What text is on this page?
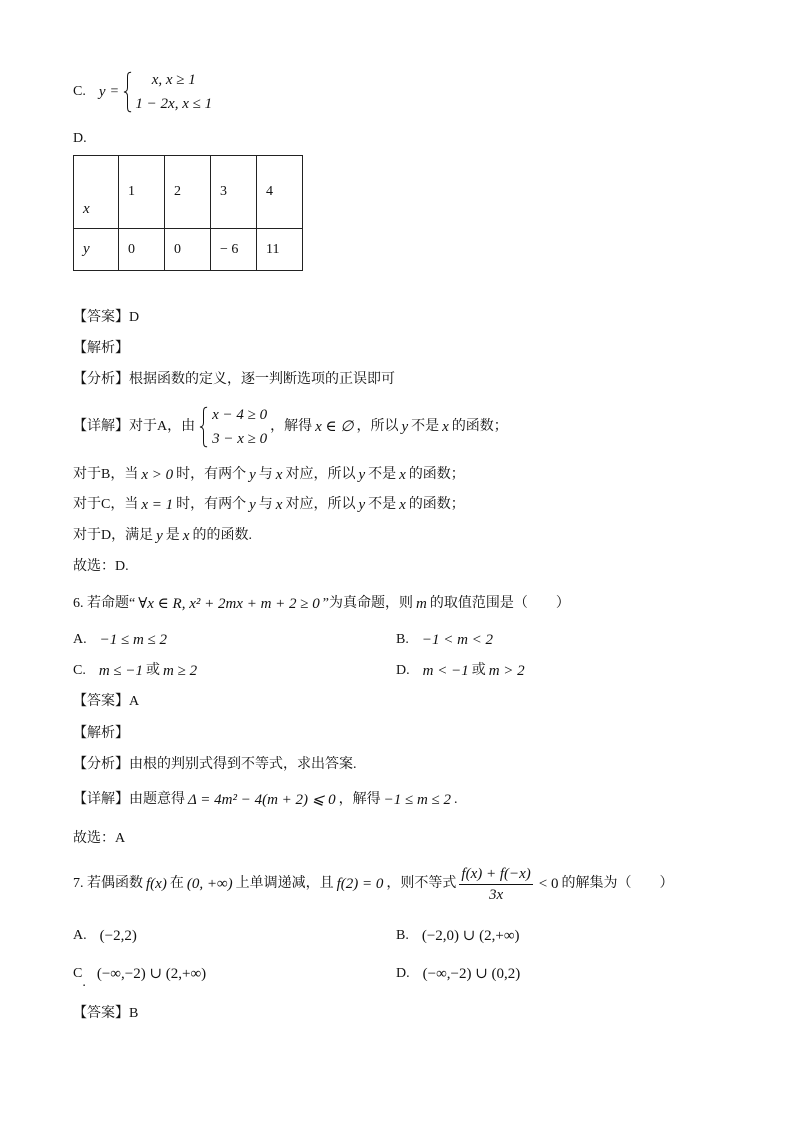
C. y =
x, x ≥ 1
1 − 2x, x ≤ 1
D.
x	1	2	3	4
y	0	0	− 6	11
【答案】 D
【解析】
【分析】 根据函数的定义，逐一判断选项的正误即可
【详解】 对于A，由
x − 4 ≥ 0
3 − x ≥ 0
，解得 x ∈ ∅ ，所以 y 不是 x 的函数；
对于B，当 x > 0 时，有两个 y 与 x 对应，所以 y 不是 x 的函数；
对于C，当 x = 1 时，有两个 y 与 x 对应，所以 y 不是 x 的函数；
对于D，满足 y 是 x 的的函数.
故选：D.
6. 若命题“ ∀x ∈ R, x² + 2mx + m + 2 ≥ 0 ”为真命题，则 m 的取值范围是（　　）
A. −1 ≤ m ≤ 2	B. −1 < m < 2
C. m ≤ −1 或 m ≥ 2	D. m < −1 或 m > 2
【答案】 A
【解析】
【分析】 由根的判别式得到不等式，求出答案.
【详解】 由题意得 Δ = 4m² − 4(m + 2) ⩽ 0 ，解得 −1 ≤ m ≤ 2 .
故选：A
7. 若偶函数 f(x) 在 (0, +∞) 上单调递减，且 f(2) = 0 ，则不等式 $\frac{f(x) + f(-x)}{3x} < 0$ 的解集为（　　）
A. (−2,2)	B. (−2,0) ∪ (2,+∞)
C
.
(−∞,−2) ∪ (2,+∞)	D. (−∞,−2) ∪ (0,2)
【答案】 B
